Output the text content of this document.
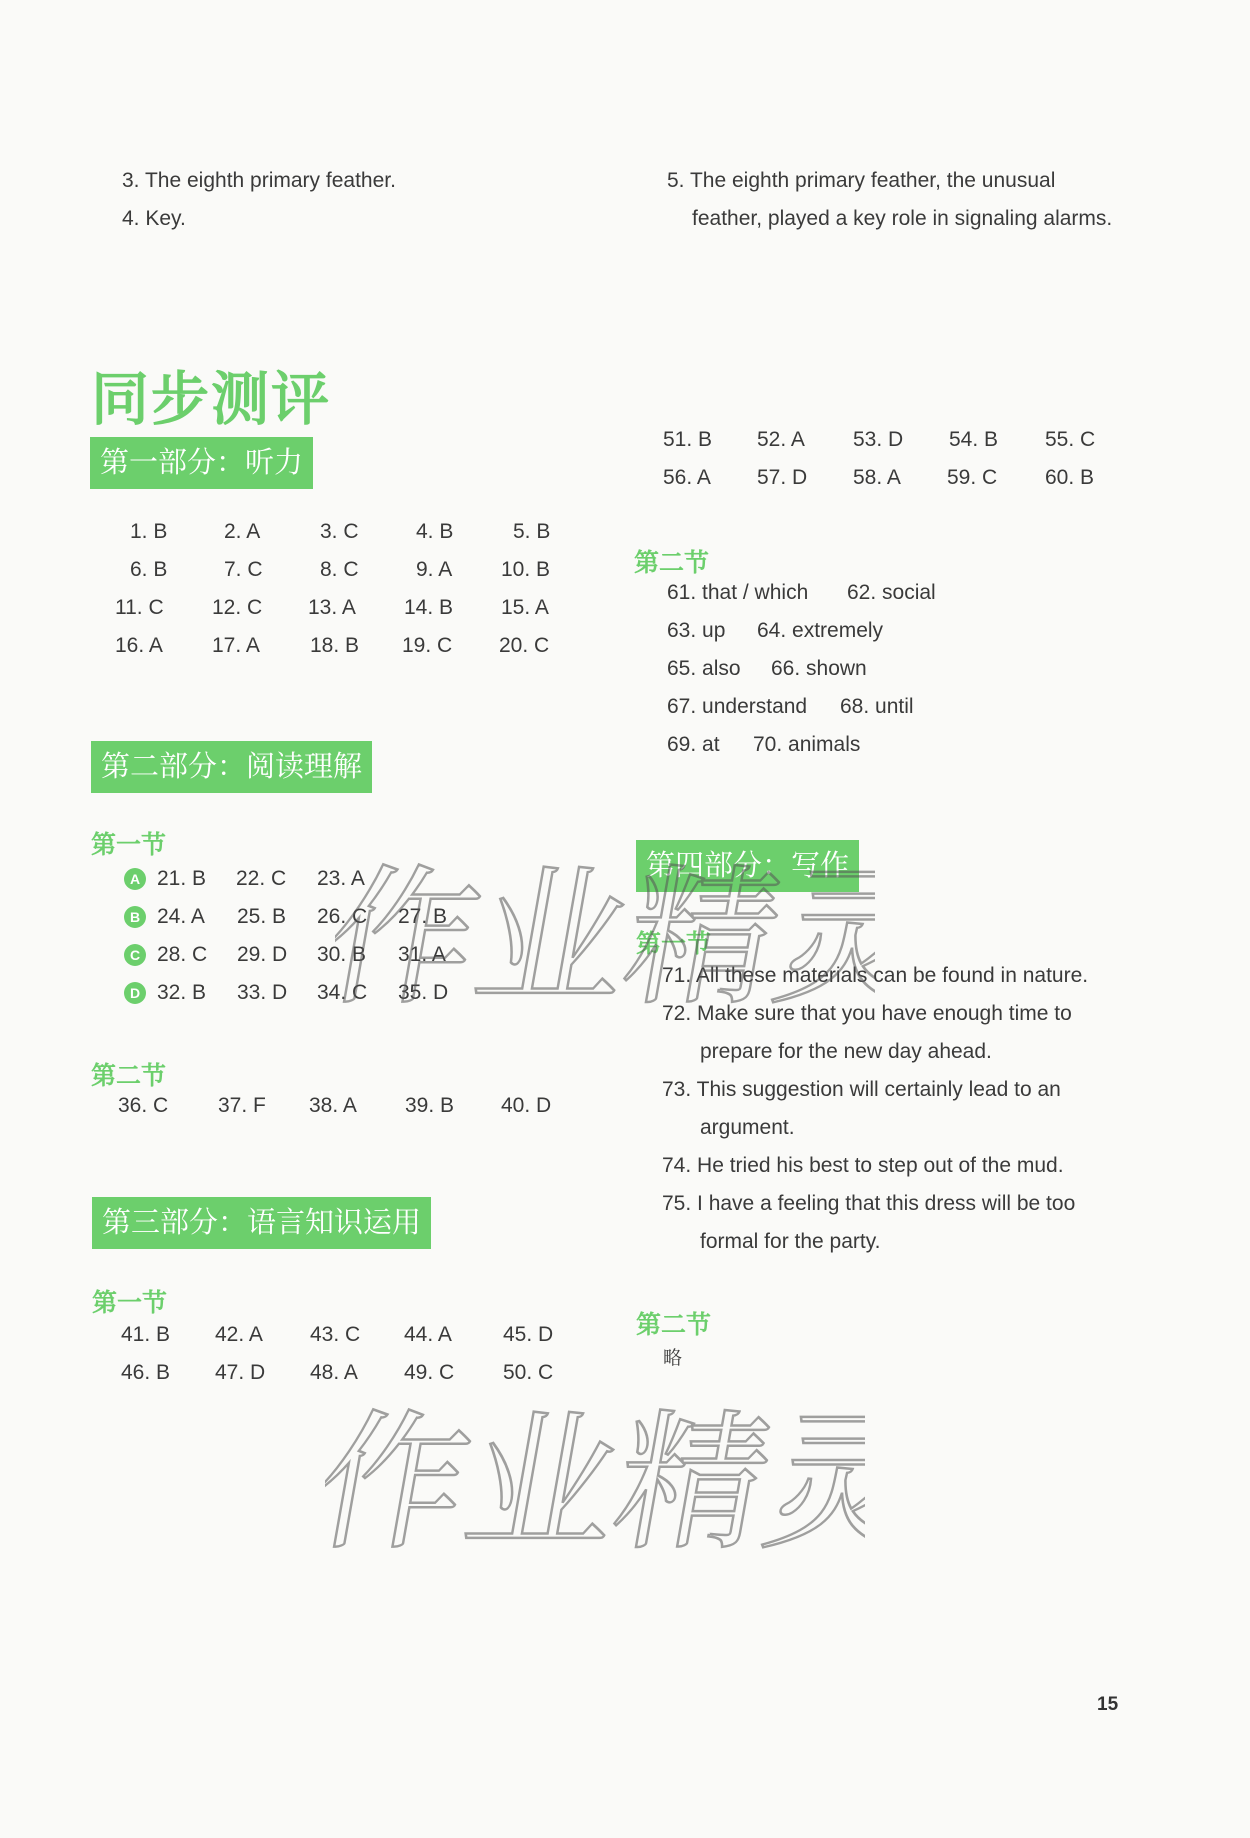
3. The eighth primary feather.
4. Key.
5. The eighth primary feather, the unusual
feather, played a key role in signaling alarms.
同步测评
第一部分：听力
1. B	2. A	3. C	4. B	5. B
6. B	7. C	8. C	9. A 10. B
11. C 12. C 13. A 14. B 15. A
16. A 17. A 18. B 19. C 20. C
第二部分：阅读理解
第一节
A 21. B 22. C 23. A
B 24. A 25. B 26. C 27. B
C 28. C 29. D 30. B 31. A
D 32. B 33. D 34. C 35. D
第二节
36. C 37. F 38. A 39. B 40. D
第三部分：语言知识运用
第一节
41. B 42. A 43. C 44. A 45. D
46. B 47. D 48. A 49. C 50. C
51. B 52. A 53. D 54. B 55. C
56. A 57. D 58. A 59. C 60. B
第二节
61. that / which 62. social
63. up 64. extremely
65. also 66. shown
67. understand 68. until
69. at 70. animals
第四部分：写作
第一节
71. All these materials can be found in nature.
72. Make sure that you have enough time to
prepare for the new day ahead.
73. This suggestion will certainly lead to an
argument.
74. He tried his best to step out of the mud.
75. I have a feeling that this dress will be too
formal for the party.
第二节
略
作业精灵
作业精灵
15
